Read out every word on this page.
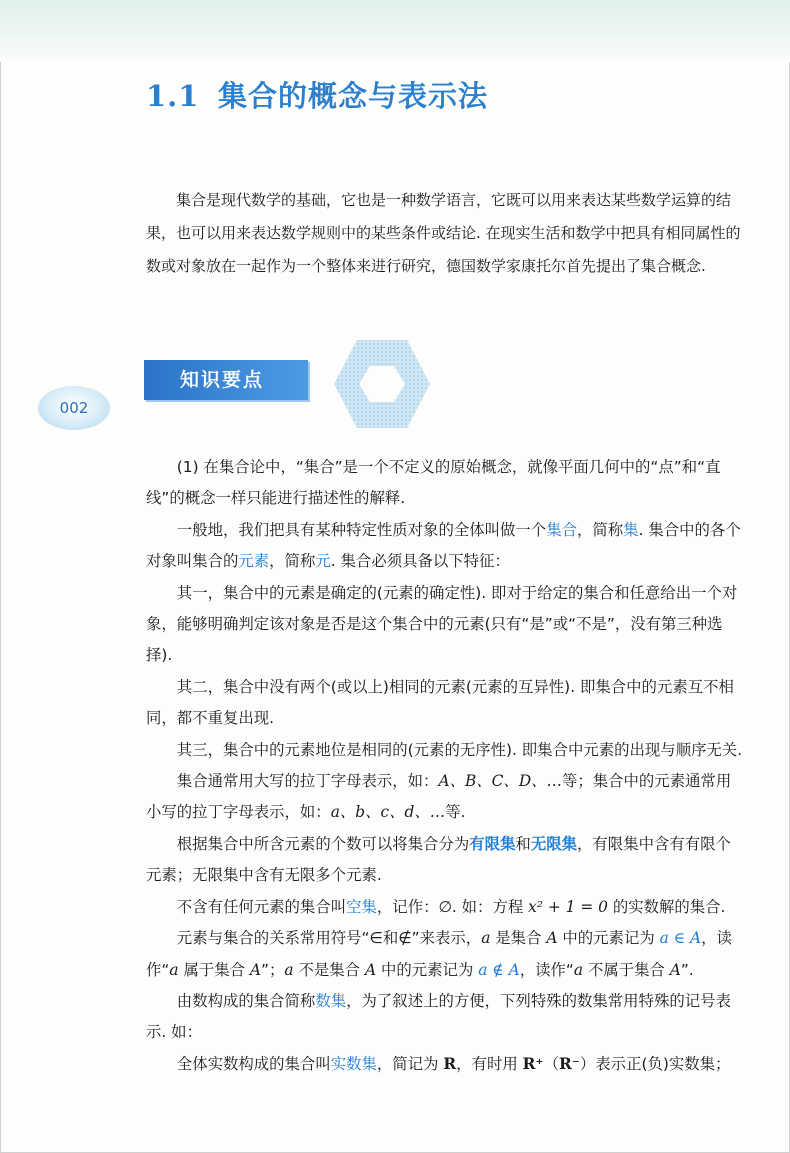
1.1 集合的概念与表示法

集合是现代数学的基础，它也是一种数学语言，它既可以用来表达某些数学运算的结果，也可以用来表达数学规则中的某些条件或结论. 在现实生活和数学中把具有相同属性的数或对象放在一起作为一个整体来进行研究，德国数学家康托尔首先提出了集合概念.

知识要点
002

(1) 在集合论中，“集合”是一个不定义的原始概念，就像平面几何中的“点”和“直线”的概念一样只能进行描述性的解释.

一般地，我们把具有某种特定性质对象的全体叫做一个集合，简称集. 集合中的各个对象叫集合的元素，简称元. 集合必须具备以下特征：

其一，集合中的元素是确定的(元素的确定性). 即对于给定的集合和任意给出一个对象，能够明确判定该对象是否是这个集合中的元素(只有“是”或“不是”，没有第三种选择).

其二，集合中没有两个(或以上)相同的元素(元素的互异性). 即集合中的元素互不相同，都不重复出现.

其三，集合中的元素地位是相同的(元素的无序性). 即集合中元素的出现与顺序无关.

集合通常用大写的拉丁字母表示，如：A、B、C、D、…等；集合中的元素通常用小写的拉丁字母表示，如：a、b、c、d、…等.

根据集合中所含元素的个数可以将集合分为有限集和无限集，有限集中含有有限个元素；无限集中含有无限多个元素.

不含有任何元素的集合叫空集，记作：∅. 如：方程 x² + 1 = 0 的实数解的集合.

元素与集合的关系常用符号“∈和∉”来表示，a 是集合 A 中的元素记为 a ∈ A，读作“a 属于集合 A”；a 不是集合 A 中的元素记为 a ∉ A，读作“a 不属于集合 A”.

由数构成的集合简称数集，为了叙述上的方便，下列特殊的数集常用特殊的记号表示. 如：

全体实数构成的集合叫实数集，简记为 R，有时用 R⁺（R⁻）表示正(负)实数集；
